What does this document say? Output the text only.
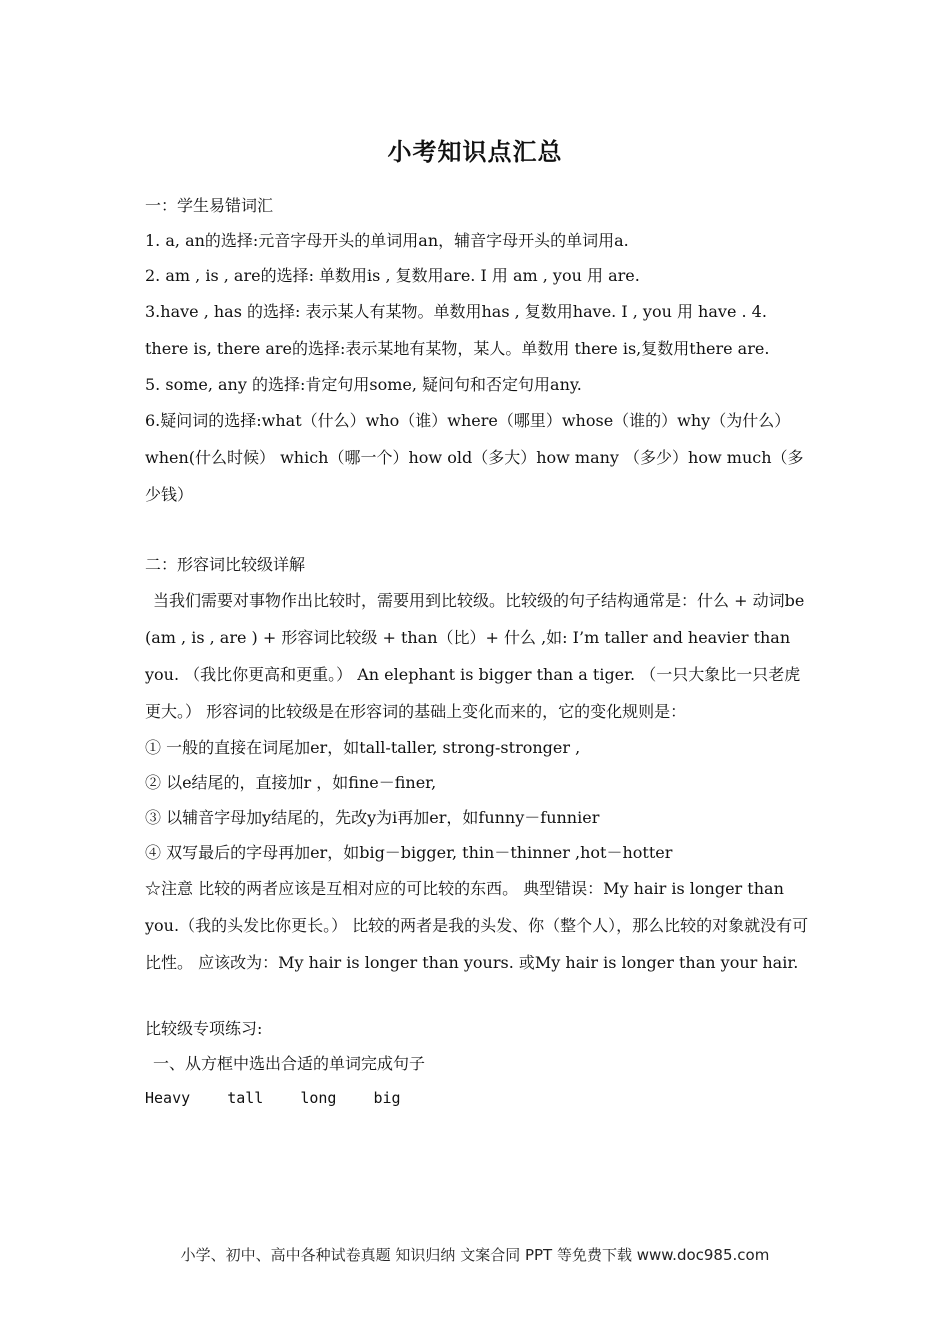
小考知识点汇总

一：学生易错词汇

1. a, an的选择:元音字母开头的单词用an，辅音字母开头的单词用a.

2. am , is , are的选择: 单数用is , 复数用are. I 用 am , you 用 are.

3.have , has 的选择: 表示某人有某物。单数用has , 复数用have. I , you 用 have . 4. there is, there are的选择:表示某地有某物，某人。单数用 there is,复数用there are.

5. some, any 的选择:肯定句用some, 疑问句和否定句用any.

6.疑问词的选择:what（什么）who（谁）where（哪里）whose（谁的）why（为什么）when(什么时候） which（哪一个）how old（多大）how many （多少）how much（多少钱）

二：形容词比较级详解

当我们需要对事物作出比较时，需要用到比较级。比较级的句子结构通常是：什么 + 动词be (am , is , are ) + 形容词比较级 + than（比）+ 什么 ,如: I’m taller and heavier than you. （我比你更高和更重。） An elephant is bigger than a tiger. （一只大象比一只老虎更大。） 形容词的比较级是在形容词的基础上变化而来的，它的变化规则是：

① 一般的直接在词尾加er，如tall-taller, strong-stronger ,

② 以e结尾的，直接加r ，如fine－finer,

③ 以辅音字母加y结尾的，先改y为i再加er，如funny－funnier

④ 双写最后的字母再加er，如big－bigger, thin－thinner ,hot－hotter

☆注意 比较的两者应该是互相对应的可比较的东西。 典型错误：My hair is longer than you.（我的头发比你更长。） 比较的两者是我的头发、你（整个人），那么比较的对象就没有可比性。 应该改为：My hair is longer than yours. 或My hair is longer than your hair.

比较级专项练习:

一、从方框中选出合适的单词完成句子

Heavy tall long big

小学、初中、高中各种试卷真题 知识归纳 文案合同 PPT 等免费下载 www.doc985.com
